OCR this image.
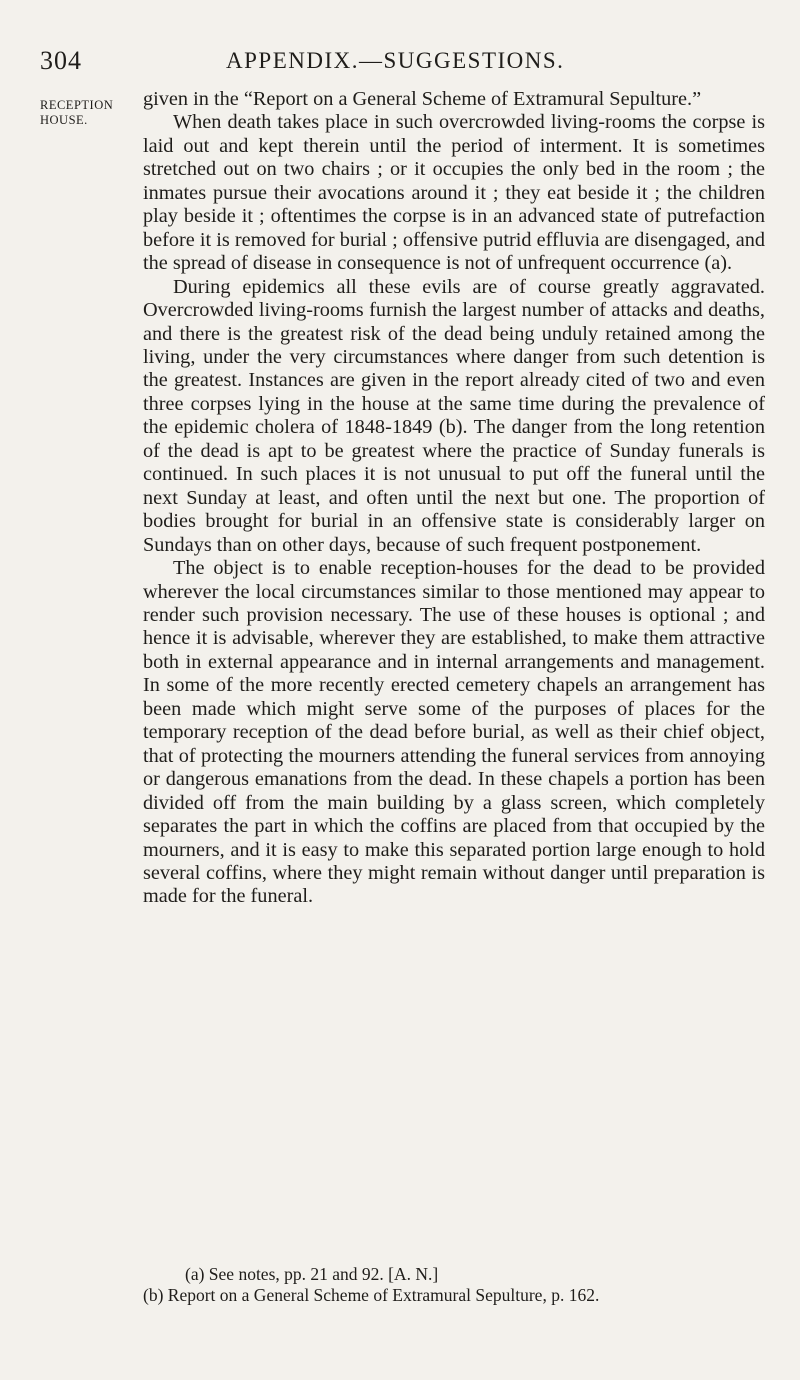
304	APPENDIX.—SUGGESTIONS.
RECEPTION HOUSE.

given in the “Report on a General Scheme of Extramural Sepulture.”

When death takes place in such overcrowded living-rooms the corpse is laid out and kept therein until the period of interment. It is sometimes stretched out on two chairs ; or it occupies the only bed in the room ; the inmates pursue their avocations around it ; they eat beside it ; the children play beside it ; oftentimes the corpse is in an advanced state of putrefaction before it is removed for burial ; offensive putrid effluvia are disengaged, and the spread of disease in consequence is not of unfrequent occurrence (a).

During epidemics all these evils are of course greatly aggravated. Overcrowded living-rooms furnish the largest number of attacks and deaths, and there is the greatest risk of the dead being unduly retained among the living, under the very circumstances where danger from such detention is the greatest. Instances are given in the report already cited of two and even three corpses lying in the house at the same time during the prevalence of the epidemic cholera of 1848-1849 (b). The danger from the long retention of the dead is apt to be greatest where the practice of Sunday funerals is continued. In such places it is not unusual to put off the funeral until the next Sunday at least, and often until the next but one. The proportion of bodies brought for burial in an offensive state is considerably larger on Sundays than on other days, because of such frequent postponement.

The object is to enable reception-houses for the dead to be provided wherever the local circumstances similar to those mentioned may appear to render such provision necessary. The use of these houses is optional ; and hence it is advisable, wherever they are established, to make them attractive both in external appearance and in internal arrangements and management. In some of the more recently erected cemetery chapels an arrangement has been made which might serve some of the purposes of places for the temporary reception of the dead before burial, as well as their chief object, that of protecting the mourners attending the funeral services from annoying or dangerous emanations from the dead. In these chapels a portion has been divided off from the main building by a glass screen, which completely separates the part in which the coffins are placed from that occupied by the mourners, and it is easy to make this separated portion large enough to hold several coffins, where they might remain without danger until preparation is made for the funeral.

(a) See notes, pp. 21 and 92. [A. N.]

(b) Report on a General Scheme of Extramural Sepulture, p. 162.
